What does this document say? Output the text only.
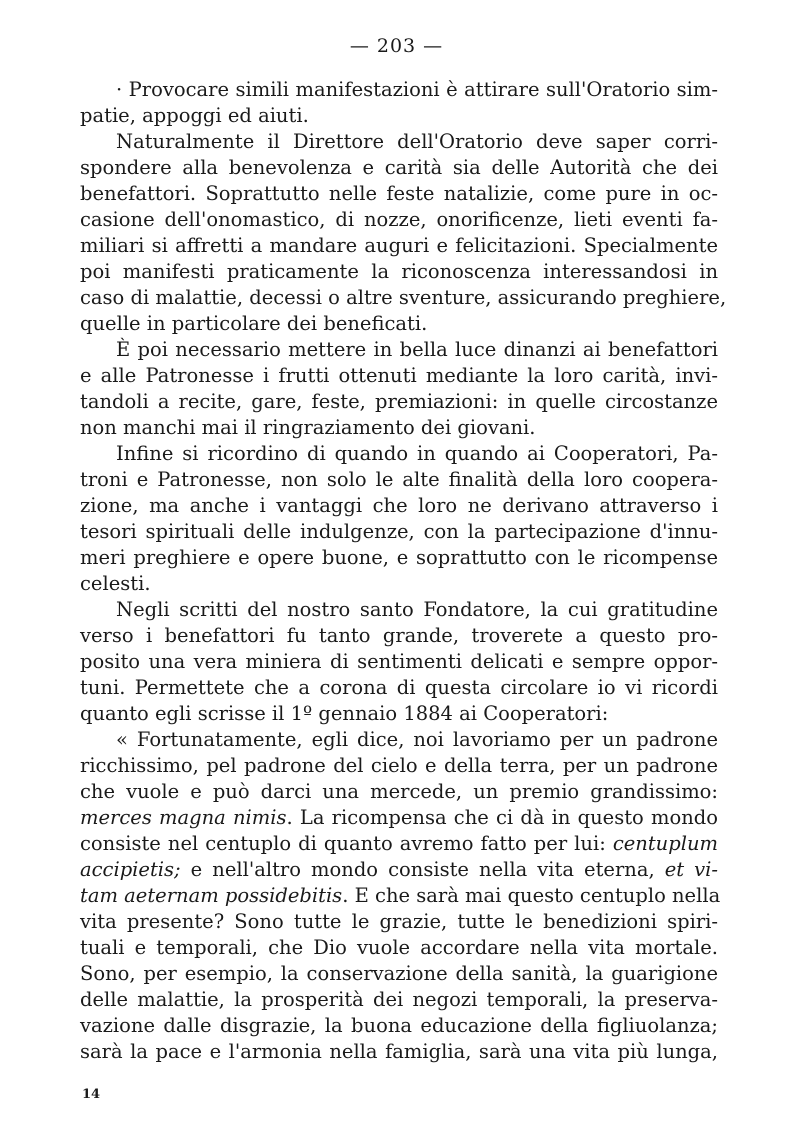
— 203 —
· Provocare simili manifestazioni è attirare sull'Oratorio sim-
patie, appoggi ed aiuti.
Naturalmente il Direttore dell'Oratorio deve saper corri-
spondere alla benevolenza e carità sia delle Autorità che dei
benefattori. Soprattutto nelle feste natalizie, come pure in oc-
casione dell'onomastico, di nozze, onorificenze, lieti eventi fa-
miliari si affretti a mandare auguri e felicitazioni. Specialmente
poi manifesti praticamente la riconoscenza interessandosi in
caso di malattie, decessi o altre sventure, assicurando preghiere,
quelle in particolare dei beneficati.
È poi necessario mettere in bella luce dinanzi ai benefattori
e alle Patronesse i frutti ottenuti mediante la loro carità, invi-
tandoli a recite, gare, feste, premiazioni: in quelle circostanze
non manchi mai il ringraziamento dei giovani.
Infine si ricordino di quando in quando ai Cooperatori, Pa-
troni e Patronesse, non solo le alte finalità della loro coopera-
zione, ma anche i vantaggi che loro ne derivano attraverso i
tesori spirituali delle indulgenze, con la partecipazione d'innu-
meri preghiere e opere buone, e soprattutto con le ricompense
celesti.
Negli scritti del nostro santo Fondatore, la cui gratitudine
verso i benefattori fu tanto grande, troverete a questo pro-
posito una vera miniera di sentimenti delicati e sempre oppor-
tuni. Permettete che a corona di questa circolare io vi ricordi
quanto egli scrisse il 1º gennaio 1884 ai Cooperatori:
« Fortunatamente, egli dice, noi lavoriamo per un padrone
ricchissimo, pel padrone del cielo e della terra, per un padrone
che vuole e può darci una mercede, un premio grandissimo:
merces magna nimis. La ricompensa che ci dà in questo mondo
consiste nel centuplo di quanto avremo fatto per lui: centuplum
accipietis; e nell'altro mondo consiste nella vita eterna, et vi-
tam aeternam possidebitis. E che sarà mai questo centuplo nella
vita presente? Sono tutte le grazie, tutte le benedizioni spiri-
tuali e temporali, che Dio vuole accordare nella vita mortale.
Sono, per esempio, la conservazione della sanità, la guarigione
delle malattie, la prosperità dei negozi temporali, la preserva-
vazione dalle disgrazie, la buona educazione della figliuolanza;
sarà la pace e l'armonia nella famiglia, sarà una vita più lunga,
14
